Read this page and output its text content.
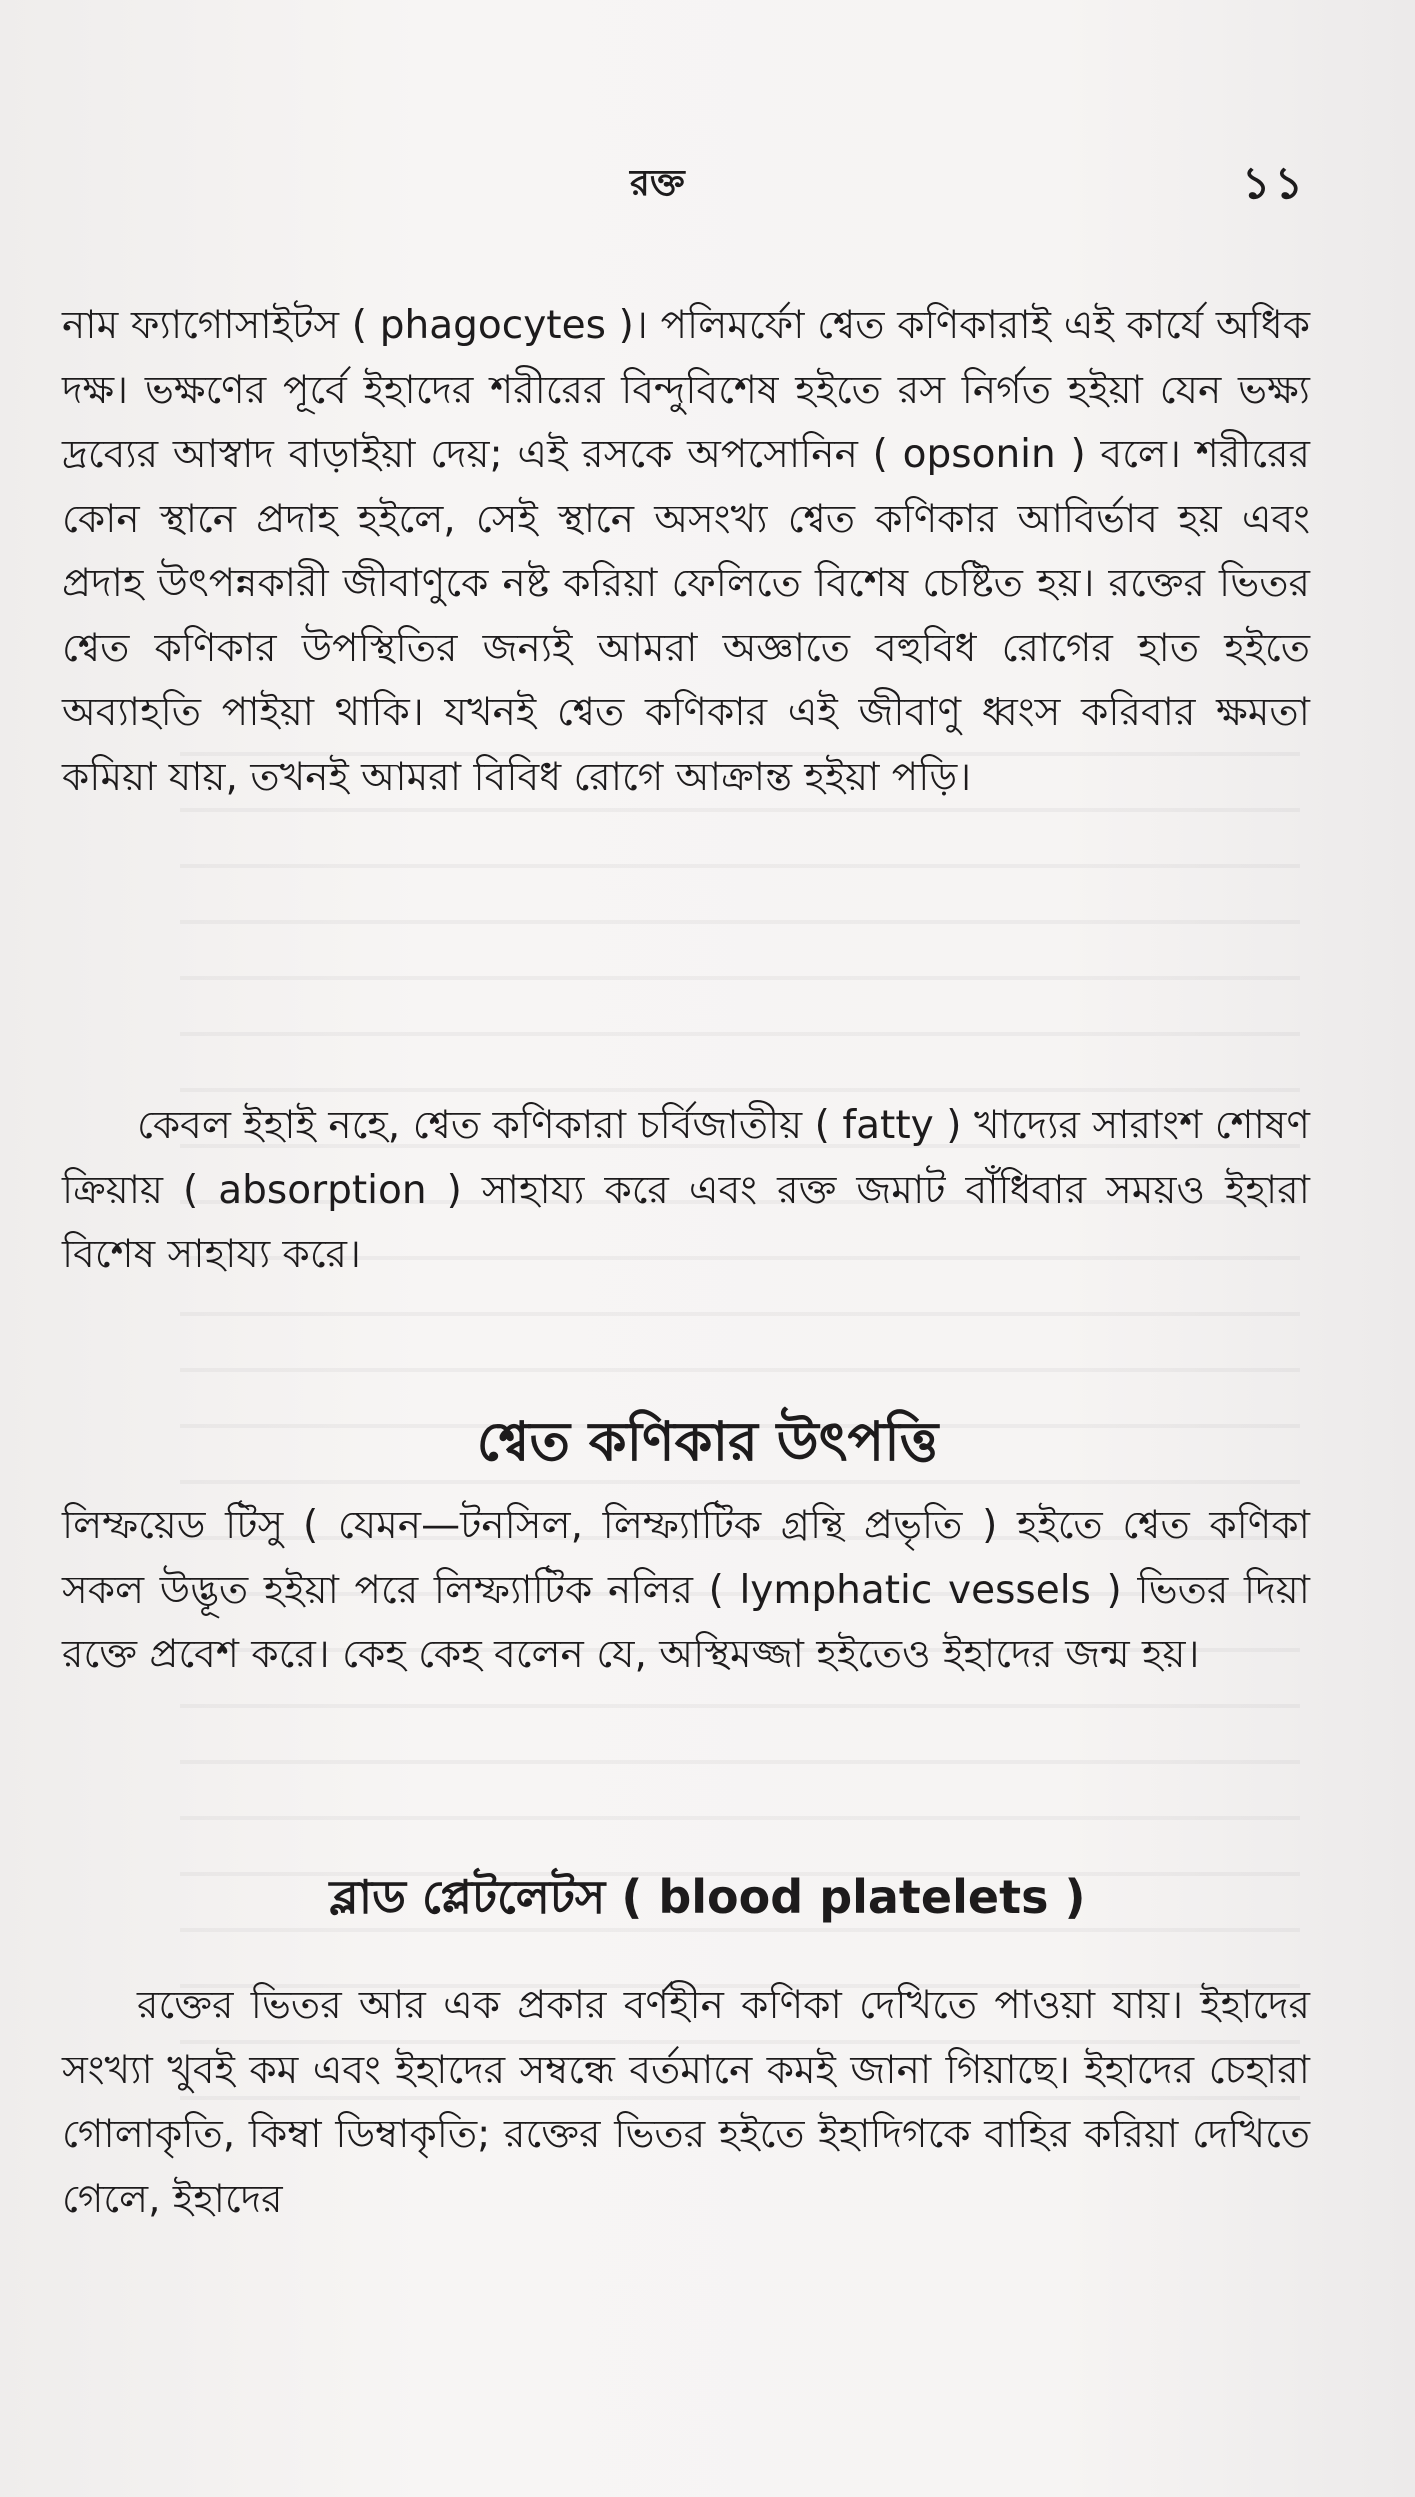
রক্ত	১১

নাম ফ্যাগোসাইটস ( phagocytes )। পলিমর্ফো শ্বেত কণিকারাই এই কার্যে অধিক দক্ষ। ভক্ষণের পূর্বে ইহাদের শরীরের বিন্দুবিশেষ হইতে রস নির্গত হইয়া যেন ভক্ষ্য দ্রব্যের আস্বাদ বাড়াইয়া দেয়; এই রসকে অপসোনিন ( opsonin ) বলে। শরীরের কোন স্থানে প্রদাহ হইলে, সেই স্থানে অসংখ্য শ্বেত কণিকার আবির্ভাব হয় এবং প্রদাহ উৎপন্নকারী জীবাণুকে নষ্ট করিয়া ফেলিতে বিশেষ চেষ্টিত হয়। রক্তের ভিতর শ্বেত কণিকার উপস্থিতির জন্যই আমরা অজ্ঞাতে বহুবিধ রোগের হাত হইতে অব্যাহতি পাইয়া থাকি। যখনই শ্বেত কণিকার এই জীবাণু ধ্বংস করিবার ক্ষমতা কমিয়া যায়, তখনই আমরা বিবিধ রোগে আক্রান্ত হইয়া পড়ি।

কেবল ইহাই নহে, শ্বেত কণিকারা চর্বিজাতীয় ( fatty ) খাদ্যের সারাংশ শোষণ ক্রিয়ায় ( absorption ) সাহায্য করে এবং রক্ত জমাট বাঁধিবার সময়ও ইহারা বিশেষ সাহায্য করে।

শ্বেত কণিকার উৎপত্তি

লিম্ফয়েড টিসু ( যেমন—টনসিল, লিম্ফ্যাটিক গ্রন্থি প্রভৃতি ) হইতে শ্বেত কণিকা সকল উদ্ভূত হইয়া পরে লিম্ফ্যাটিক নলির ( lymphatic vessels ) ভিতর দিয়া রক্তে প্রবেশ করে। কেহ কেহ বলেন যে, অস্থিমজ্জা হইতেও ইহাদের জন্ম হয়।

ব্লাড প্লেটলেটস ( blood platelets )

রক্তের ভিতর আর এক প্রকার বর্ণহীন কণিকা দেখিতে পাওয়া যায়। ইহাদের সংখ্যা খুবই কম এবং ইহাদের সম্বন্ধে বর্তমানে কমই জানা গিয়াছে। ইহাদের চেহারা গোলাকৃতি, কিম্বা ডিম্বাকৃতি; রক্তের ভিতর হইতে ইহাদিগকে বাহির করিয়া দেখিতে গেলে, ইহাদের
